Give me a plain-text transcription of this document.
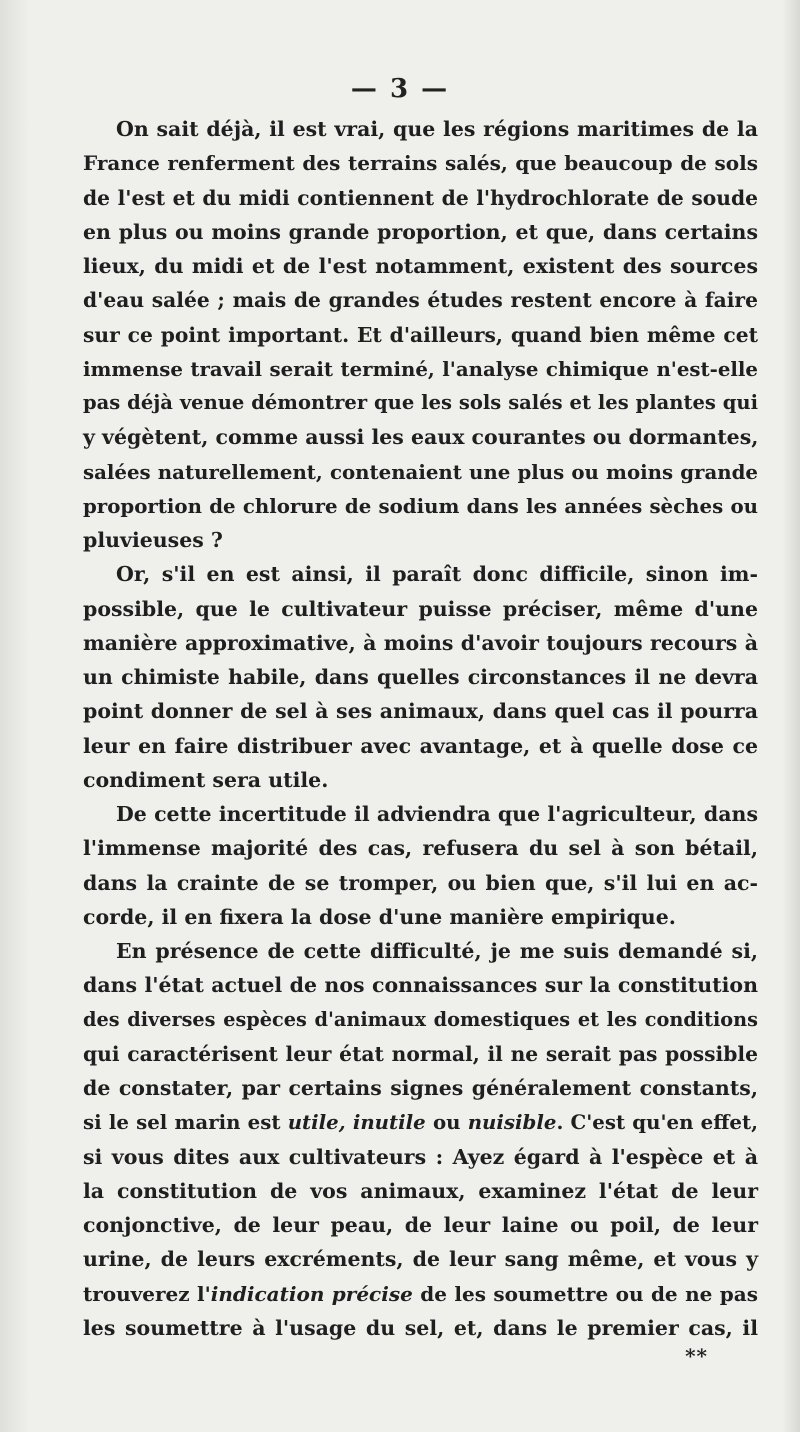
— 3 —
On sait déjà, il est vrai, que les régions maritimes de la
France renferment des terrains salés, que beaucoup de sols
de l'est et du midi contiennent de l'hydrochlorate de soude
en plus ou moins grande proportion, et que, dans certains
lieux, du midi et de l'est notamment, existent des sources
d'eau salée ; mais de grandes études restent encore à faire
sur ce point important. Et d'ailleurs, quand bien même cet
immense travail serait terminé, l'analyse chimique n'est-elle
pas déjà venue démontrer que les sols salés et les plantes qui
y végètent, comme aussi les eaux courantes ou dormantes,
salées naturellement, contenaient une plus ou moins grande
proportion de chlorure de sodium dans les années sèches ou
pluvieuses ?
Or, s'il en est ainsi, il paraît donc difficile, sinon im-
possible, que le cultivateur puisse préciser, même d'une
manière approximative, à moins d'avoir toujours recours à
un chimiste habile, dans quelles circonstances il ne devra
point donner de sel à ses animaux, dans quel cas il pourra
leur en faire distribuer avec avantage, et à quelle dose ce
condiment sera utile.
De cette incertitude il adviendra que l'agriculteur, dans
l'immense majorité des cas, refusera du sel à son bétail,
dans la crainte de se tromper, ou bien que, s'il lui en ac-
corde, il en fixera la dose d'une manière empirique.
En présence de cette difficulté, je me suis demandé si,
dans l'état actuel de nos connaissances sur la constitution
des diverses espèces d'animaux domestiques et les conditions
qui caractérisent leur état normal, il ne serait pas possible
de constater, par certains signes généralement constants,
si le sel marin est utile, inutile ou nuisible. C'est qu'en effet,
si vous dites aux cultivateurs : Ayez égard à l'espèce et à
la constitution de vos animaux, examinez l'état de leur
conjonctive, de leur peau, de leur laine ou poil, de leur
urine, de leurs excréments, de leur sang même, et vous y
trouverez l'indication précise de les soumettre ou de ne pas
les soumettre à l'usage du sel, et, dans le premier cas, il
**
